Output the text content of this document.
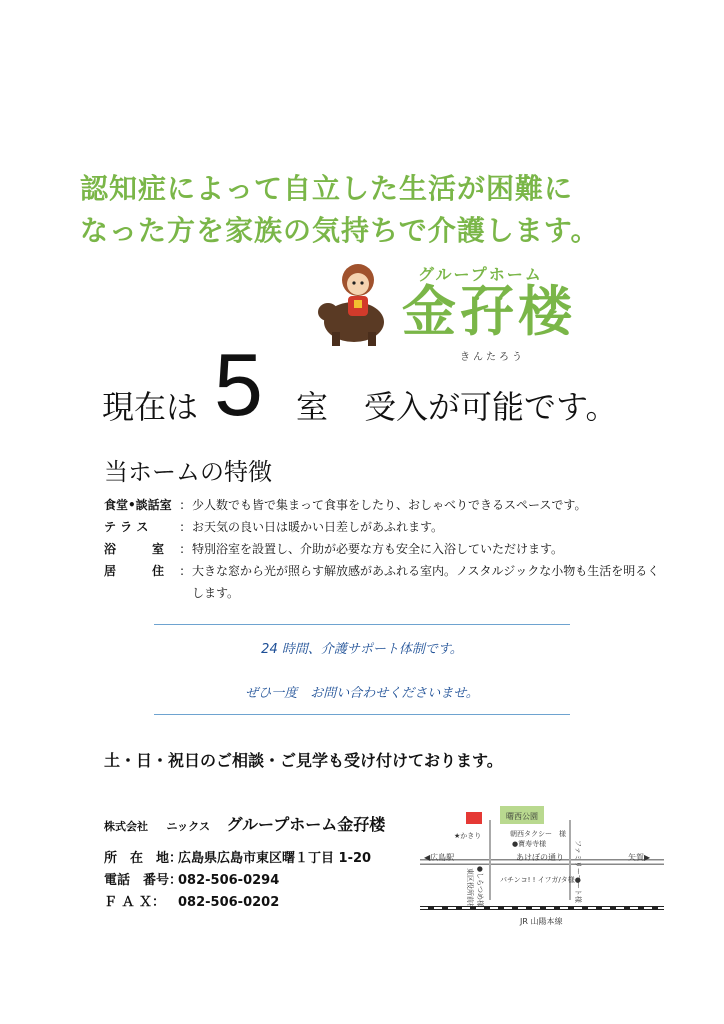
認知症によって自立した生活が困難に
なった方を家族の気持ちで介護します。
グループホーム
金孖楼
きんたろう
現在は 5 室 受入が可能です。
当ホームの特徴
食堂•談話室 : 少人数でも皆で集まって食事をしたり、おしゃべりできるスペースです。
テ ラ ス	: お天気の良い日は暖かい日差しがあふれます。
浴　　　室	: 特別浴室を設置し、介助が必要な方も安全に入浴していただけます。
居　　　住	: 大きな窓から光が照らす解放感があふれる室内。ノスタルジックな小物も生活を明るくします。
24 時間、介護サポート体制です。
ぜひ一度　お問い合わせくださいませ。
土・日・祝日のご相談・ご見学も受け付けております。
株式会社 ニックス グループホーム金孖楼
所　在　地：
広島県広島市東区曙１丁目 1-20
電話　番号：
082-506-0294
Ｆ Ａ Ｘ： 082-506-0202
曙西公園
★かきり	朝西タクシー　様
●寶寿寺様
◀広島駅	あけぼの通り	矢賀▶
東区役所前様 ●しらつめ様	ファミリーマート様
パチンコ! ! イフガ/タ様●
JR 山陽本線
